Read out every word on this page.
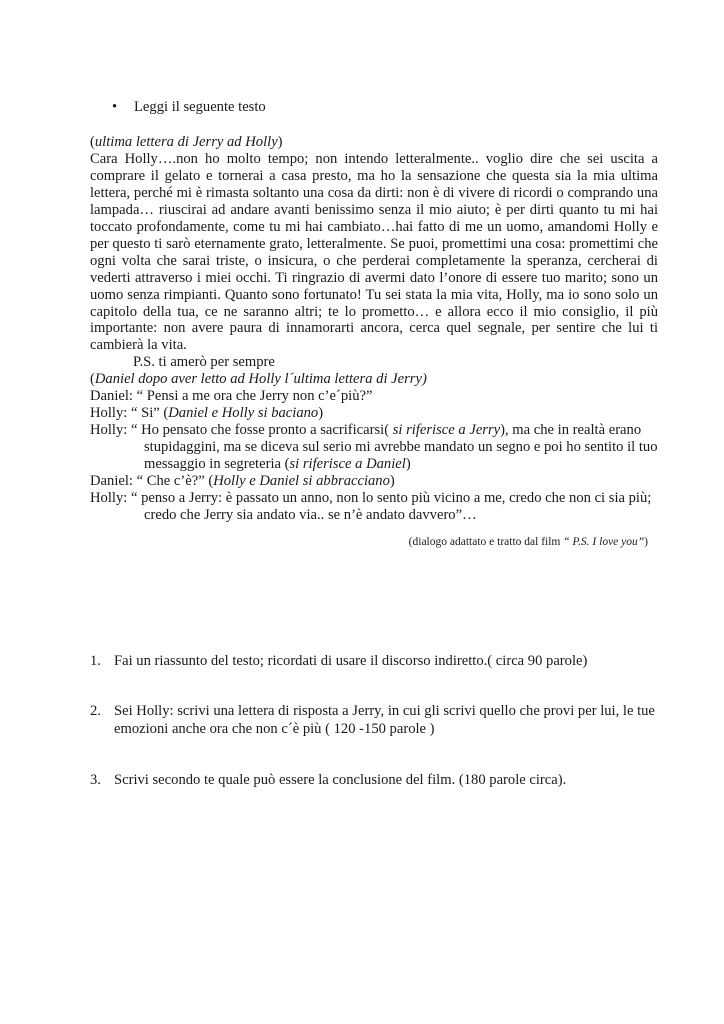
• Leggi il seguente testo

(ultima lettera di Jerry ad Holly)

Cara Holly….non ho molto tempo; non intendo letteralmente.. voglio dire che sei uscita a comprare il gelato e tornerai a casa presto, ma ho la sensazione che questa sia la mia ultima lettera, perché mi è rimasta soltanto una cosa da dirti: non è di vivere di ricordi o comprando una lampada… riuscirai ad andare avanti benissimo senza il mio aiuto; è per dirti quanto tu mi hai toccato profondamente, come tu mi hai cambiato…hai fatto di me un uomo, amandomi Holly e per questo ti sarò eternamente grato, letteralmente. Se puoi, promettimi una cosa: promettimi che ogni volta che sarai triste, o insicura, o che perderai completamente la speranza, cercherai di vederti attraverso i miei occhi. Ti ringrazio di avermi dato l’onore di essere tuo marito; sono un uomo senza rimpianti. Quanto sono fortunato! Tu sei stata la mia vita, Holly, ma io sono solo un capitolo della tua, ce ne saranno altri; te lo prometto… e allora ecco il mio consiglio, il più importante: non avere paura di innamorarti ancora, cerca quel segnale, per sentire che lui ti cambierà la vita.

P.S. ti amerò per sempre

(Daniel dopo aver letto ad Holly l´ultima lettera di Jerry)

Daniel: “ Pensi a me ora che Jerry non c’e´più?”

Holly: “ Si” (Daniel e Holly si baciano)

Holly: “ Ho pensato che fosse pronto a sacrificarsi( si riferisce a Jerry), ma che in realtà erano stupidaggini, ma se diceva sul serio mi avrebbe mandato un segno e poi ho sentito il tuo messaggio in segreteria (si riferisce a Daniel)

Daniel: “ Che c’è?” (Holly e Daniel si abbracciano)

Holly: “ penso a Jerry: è passato un anno, non lo sento più vicino a me, credo che non ci sia più; credo che Jerry sia andato via.. se n’è andato davvero”…

(dialogo adattato e tratto dal film “ P.S. I love you”)
1. Fai un riassunto del testo; ricordati di usare il discorso indiretto.( circa 90 parole)
2. Sei Holly: scrivi una lettera di risposta a Jerry, in cui gli scrivi quello che provi per lui, le tue emozioni anche ora che non c´è più ( 120 -150 parole )
3. Scrivi secondo te quale può essere la conclusione del film. (180 parole circa).
